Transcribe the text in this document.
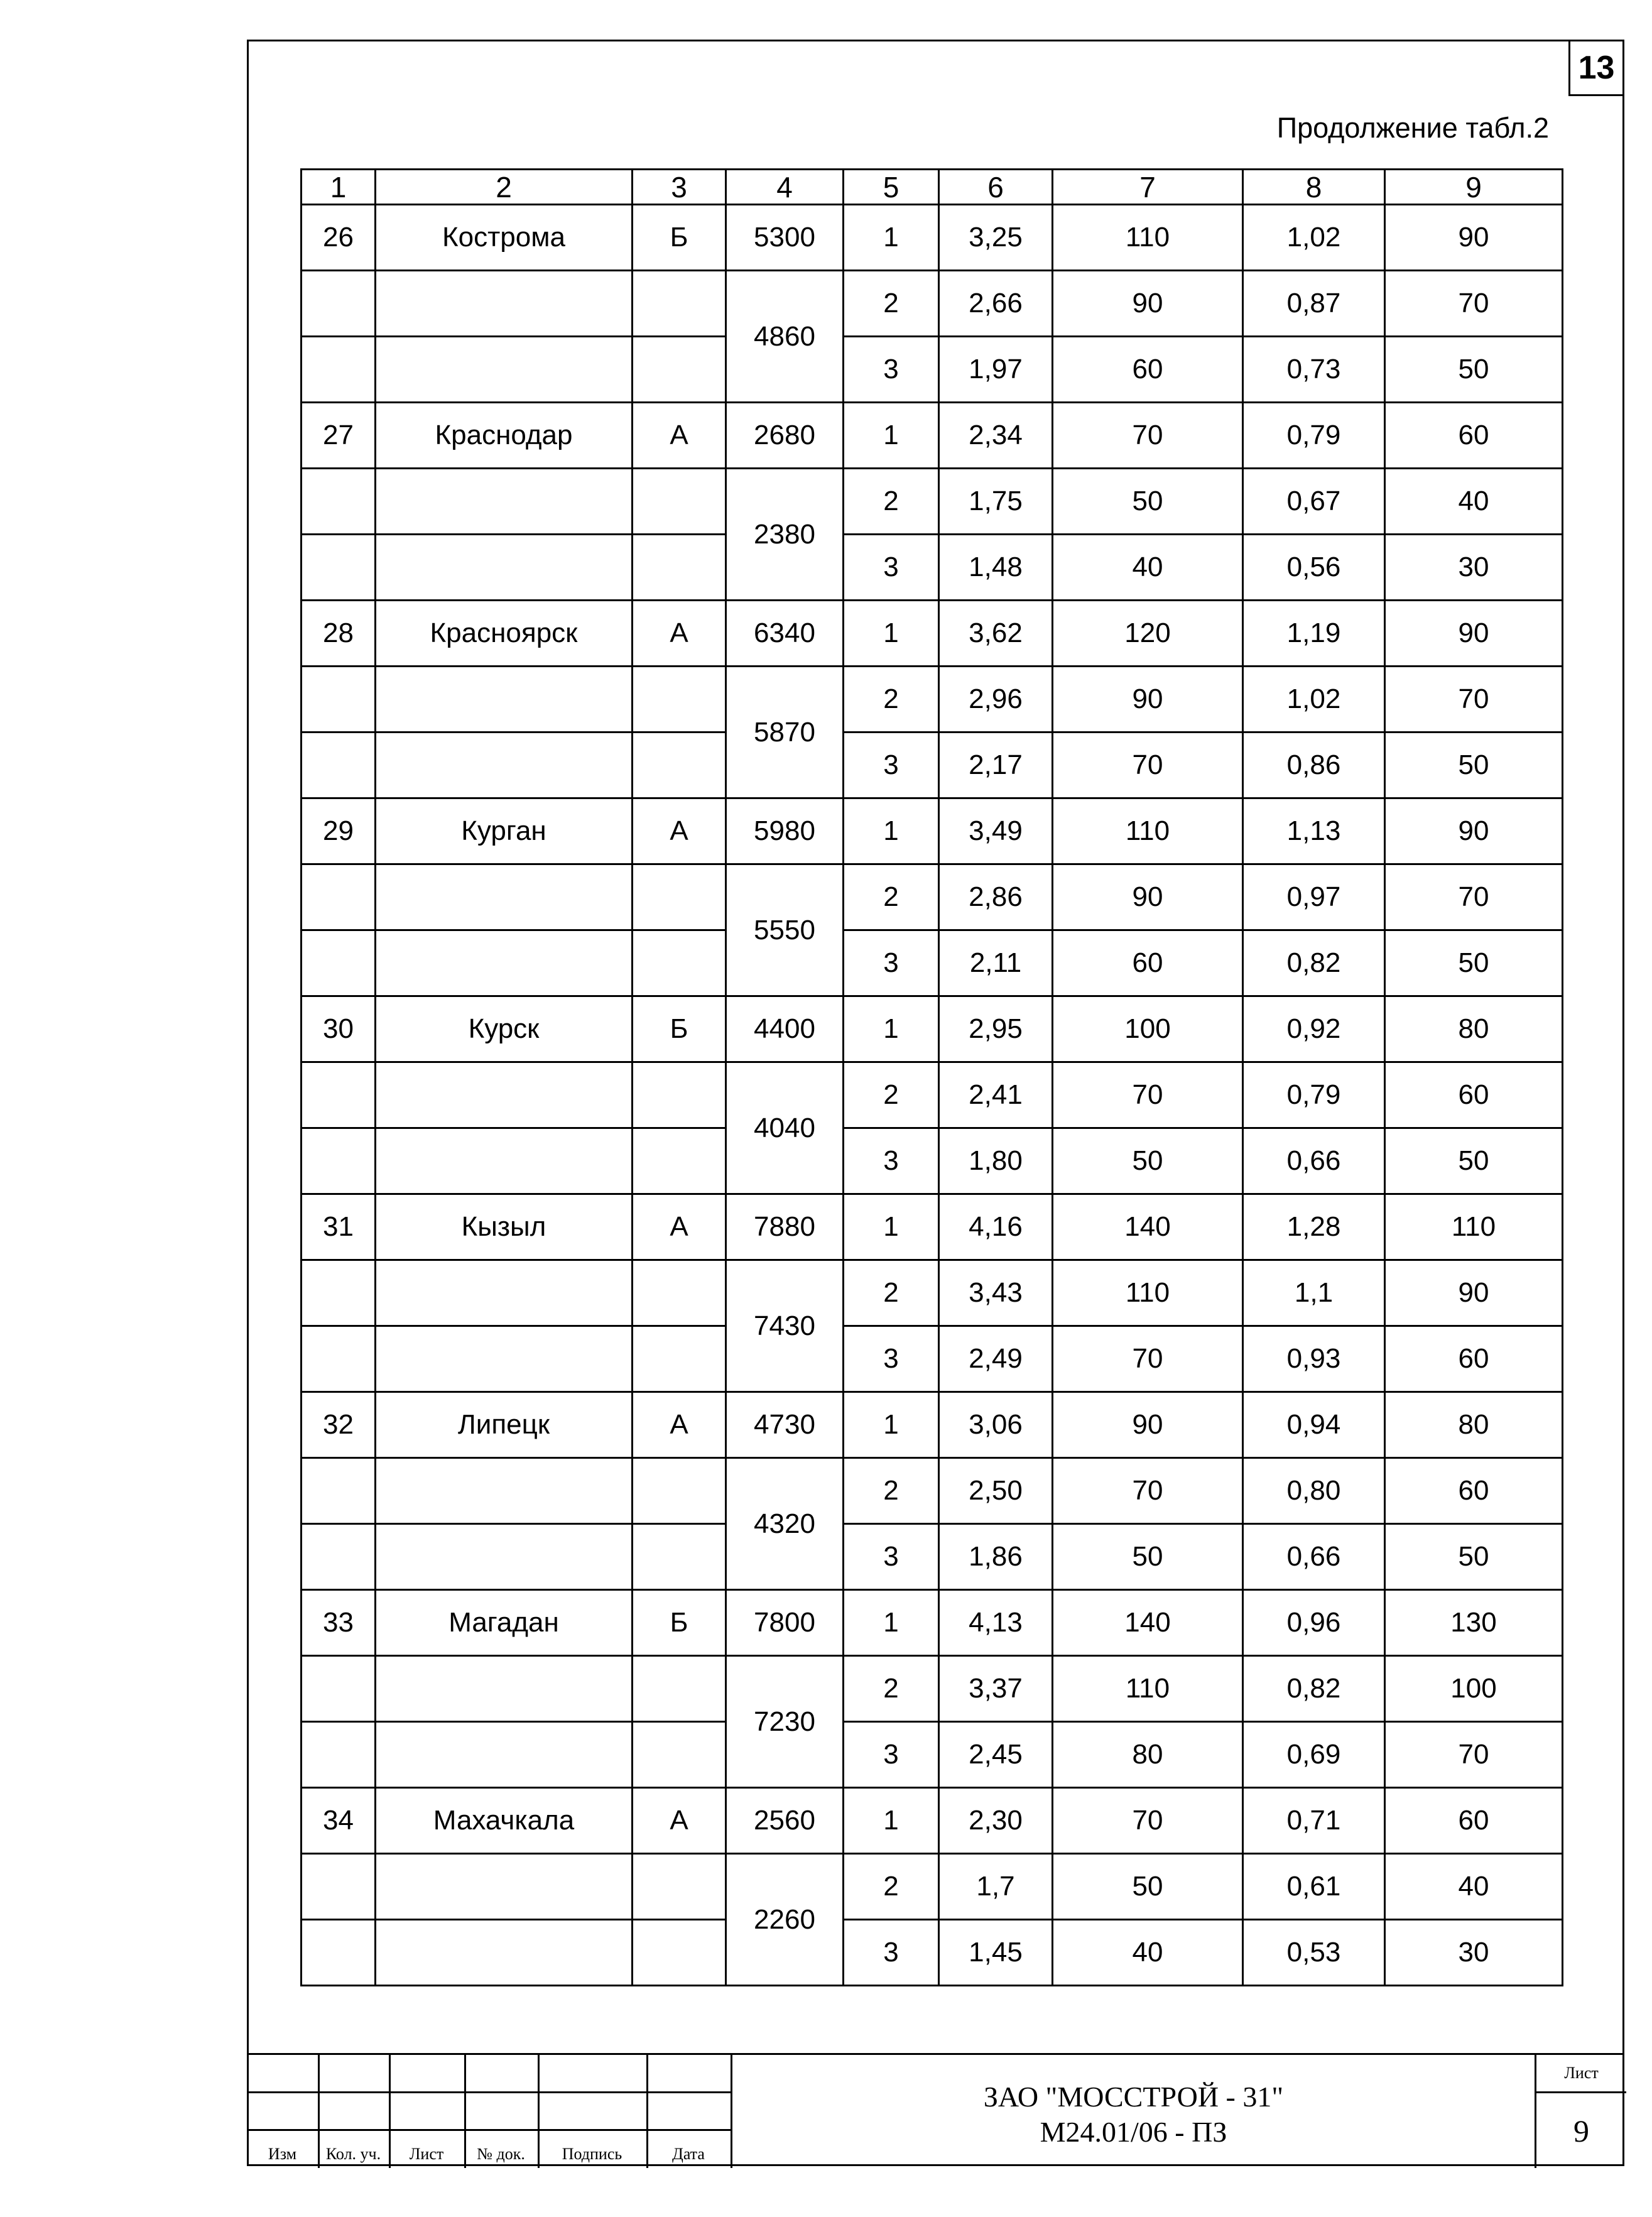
13
Продолжение табл.2
1	2	3	4	5	6	7	8	9
26	Кострома	Б	5300	1	3,25	110	1,02	90
			4860	2	2,66	90	0,87	70
				3	1,97	60	0,73	50
27	Краснодар	А	2680	1	2,34	70	0,79	60
			2380	2	1,75	50	0,67	40
				3	1,48	40	0,56	30
28	Красноярск	А	6340	1	3,62	120	1,19	90
			5870	2	2,96	90	1,02	70
				3	2,17	70	0,86	50
29	Курган	А	5980	1	3,49	110	1,13	90
			5550	2	2,86	90	0,97	70
				3	2,11	60	0,82	50
30	Курск	Б	4400	1	2,95	100	0,92	80
			4040	2	2,41	70	0,79	60
				3	1,80	50	0,66	50
31	Кызыл	А	7880	1	4,16	140	1,28	110
			7430	2	3,43	110	1,1	90
				3	2,49	70	0,93	60
32	Липецк	А	4730	1	3,06	90	0,94	80
			4320	2	2,50	70	0,80	60
				3	1,86	50	0,66	50
33	Магадан	Б	7800	1	4,13	140	0,96	130
			7230	2	3,37	110	0,82	100
				3	2,45	80	0,69	70
34	Махачкала	А	2560	1	2,30	70	0,71	60
			2260	2	1,7	50	0,61	40
				3	1,45	40	0,53	30
Изм	Кол. уч.	Лист	№ док.	Подпись	Дата
ЗАО "МОССТРОЙ - 31"
М24.01/06 - ПЗ
Лист
9
